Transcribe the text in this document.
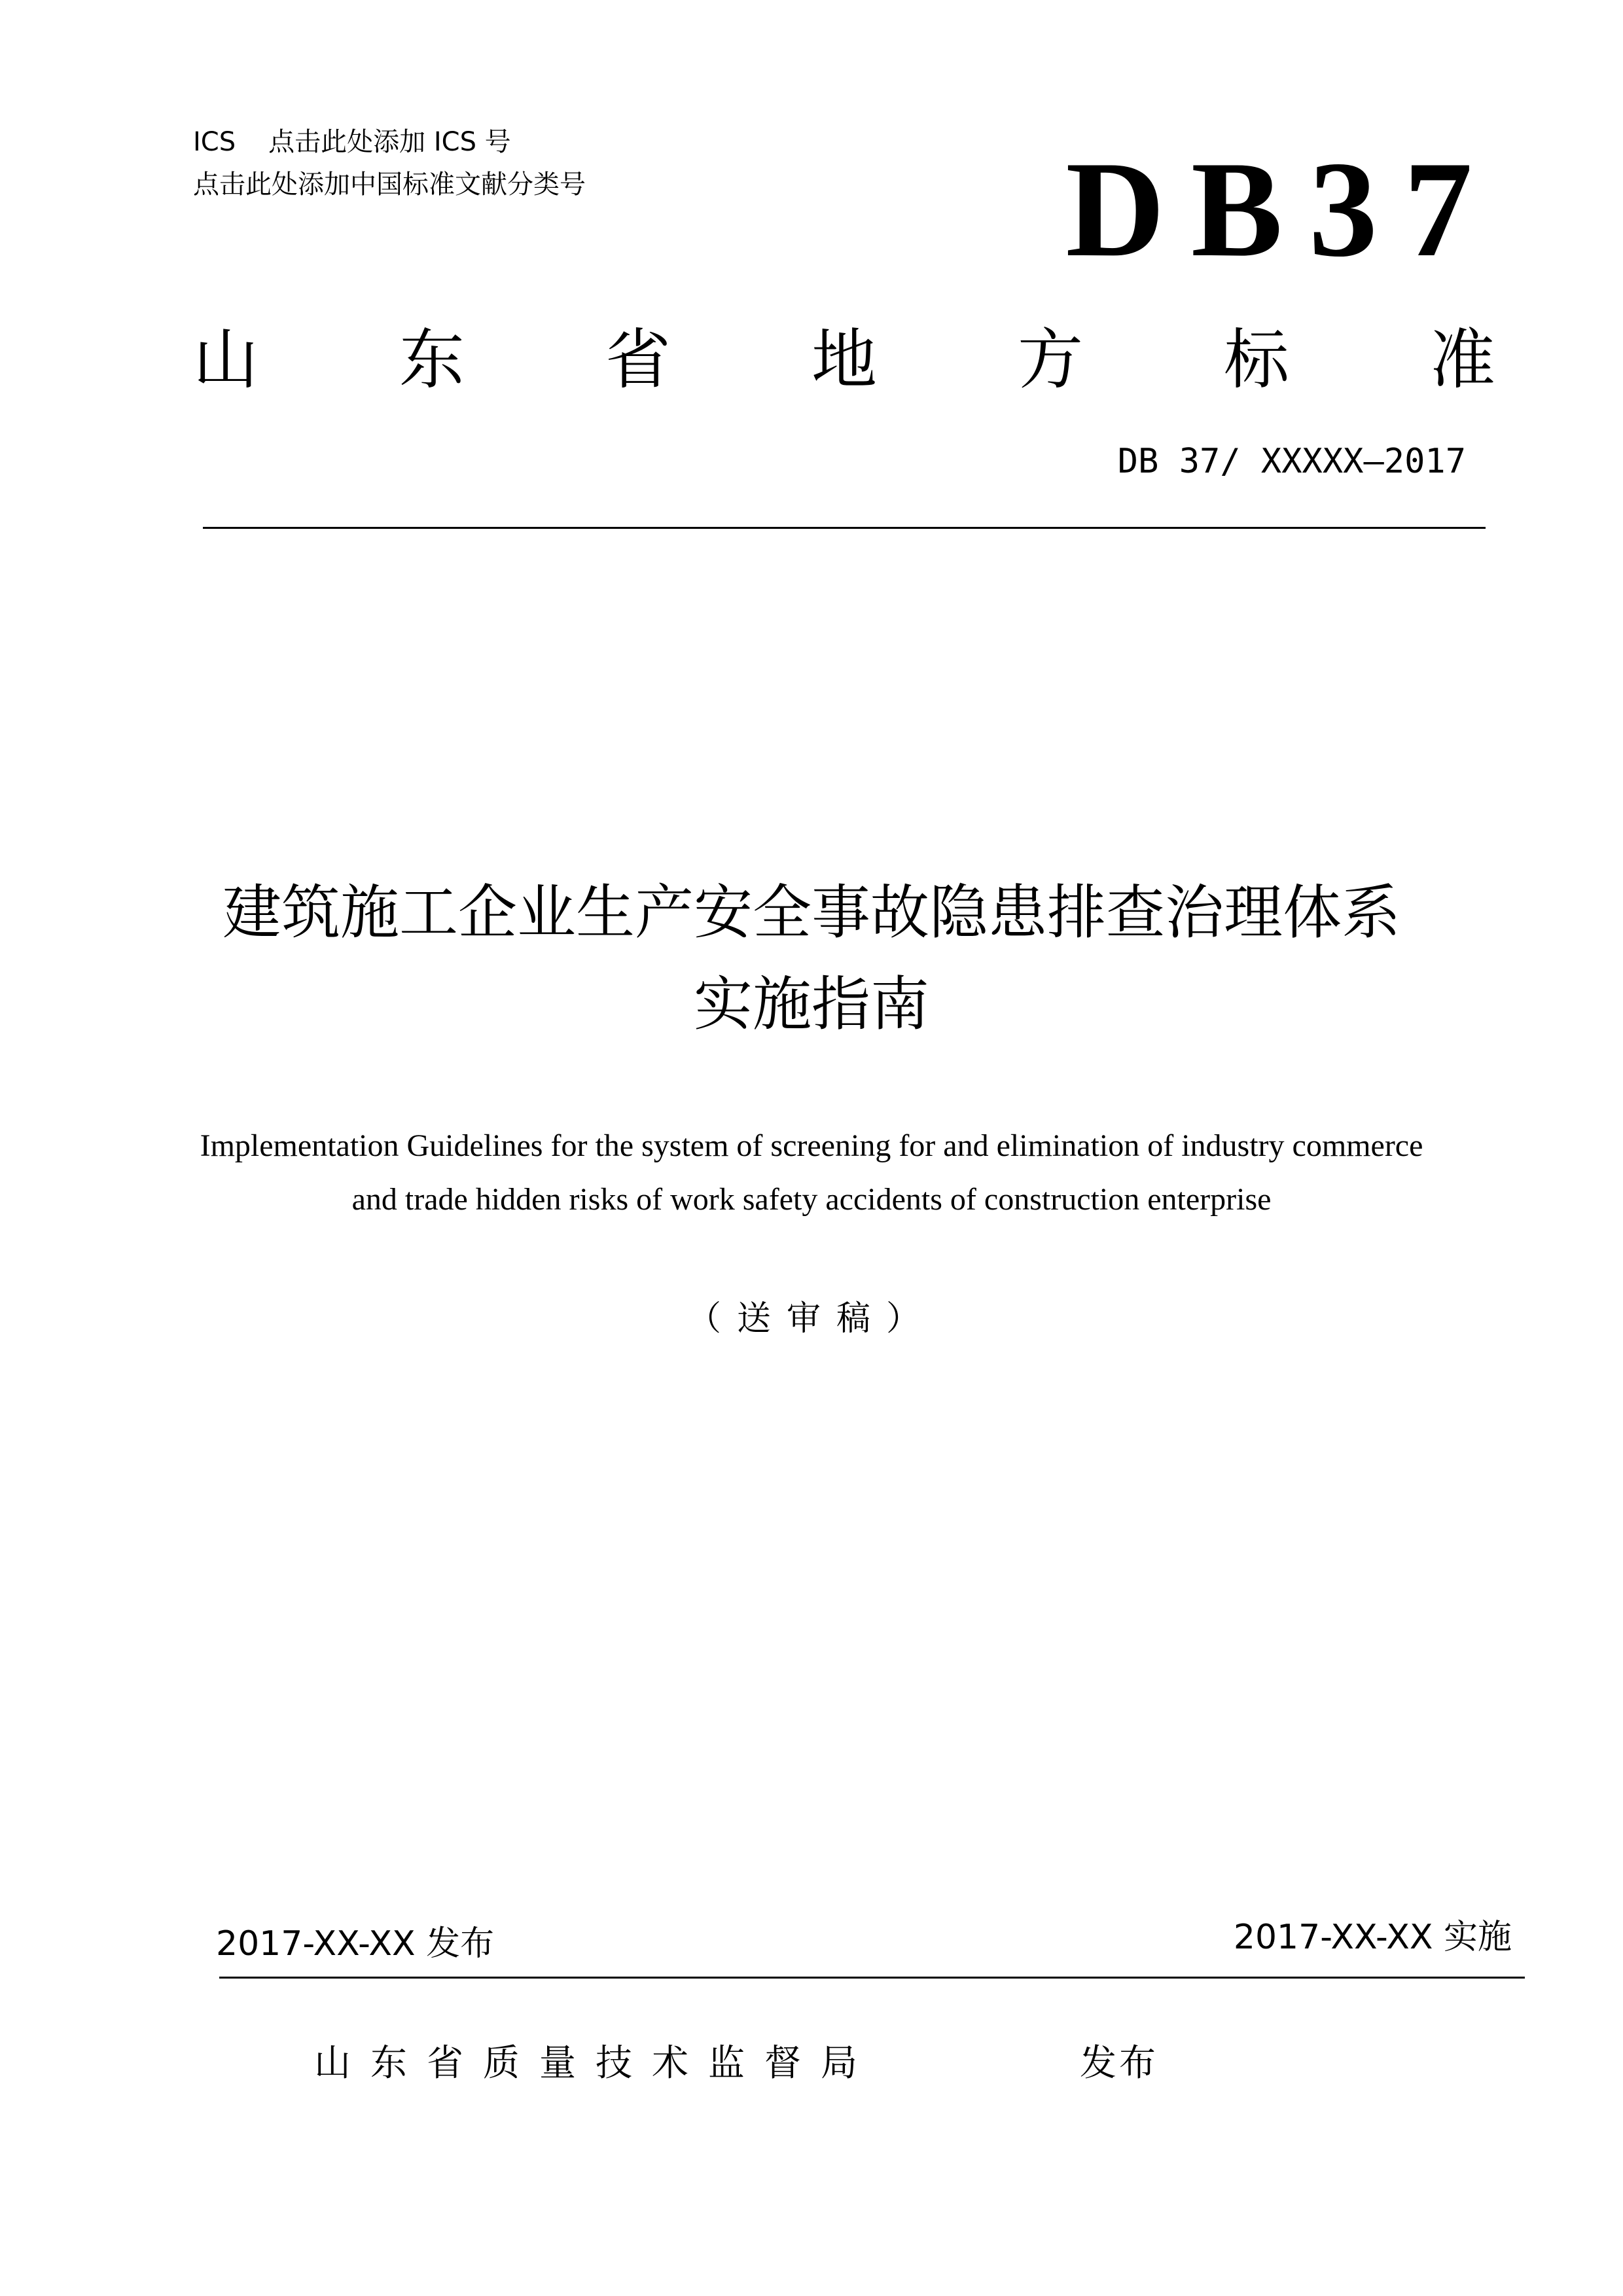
ICS 点击此处添加 ICS 号
点击此处添加中国标准文献分类号	DB37
山 东 省 地 方 标 准
DB 37/ XXXXX—2017
建筑施工企业生产安全事故隐患排查治理体系
实施指南
Implementation Guidelines for the system of screening for and elimination of industry commerce
and trade hidden risks of work safety accidents of construction enterprise
（送审稿）
2017-XX-XX 发布	2017-XX-XX 实施
山东省质量技术监督局	发布
